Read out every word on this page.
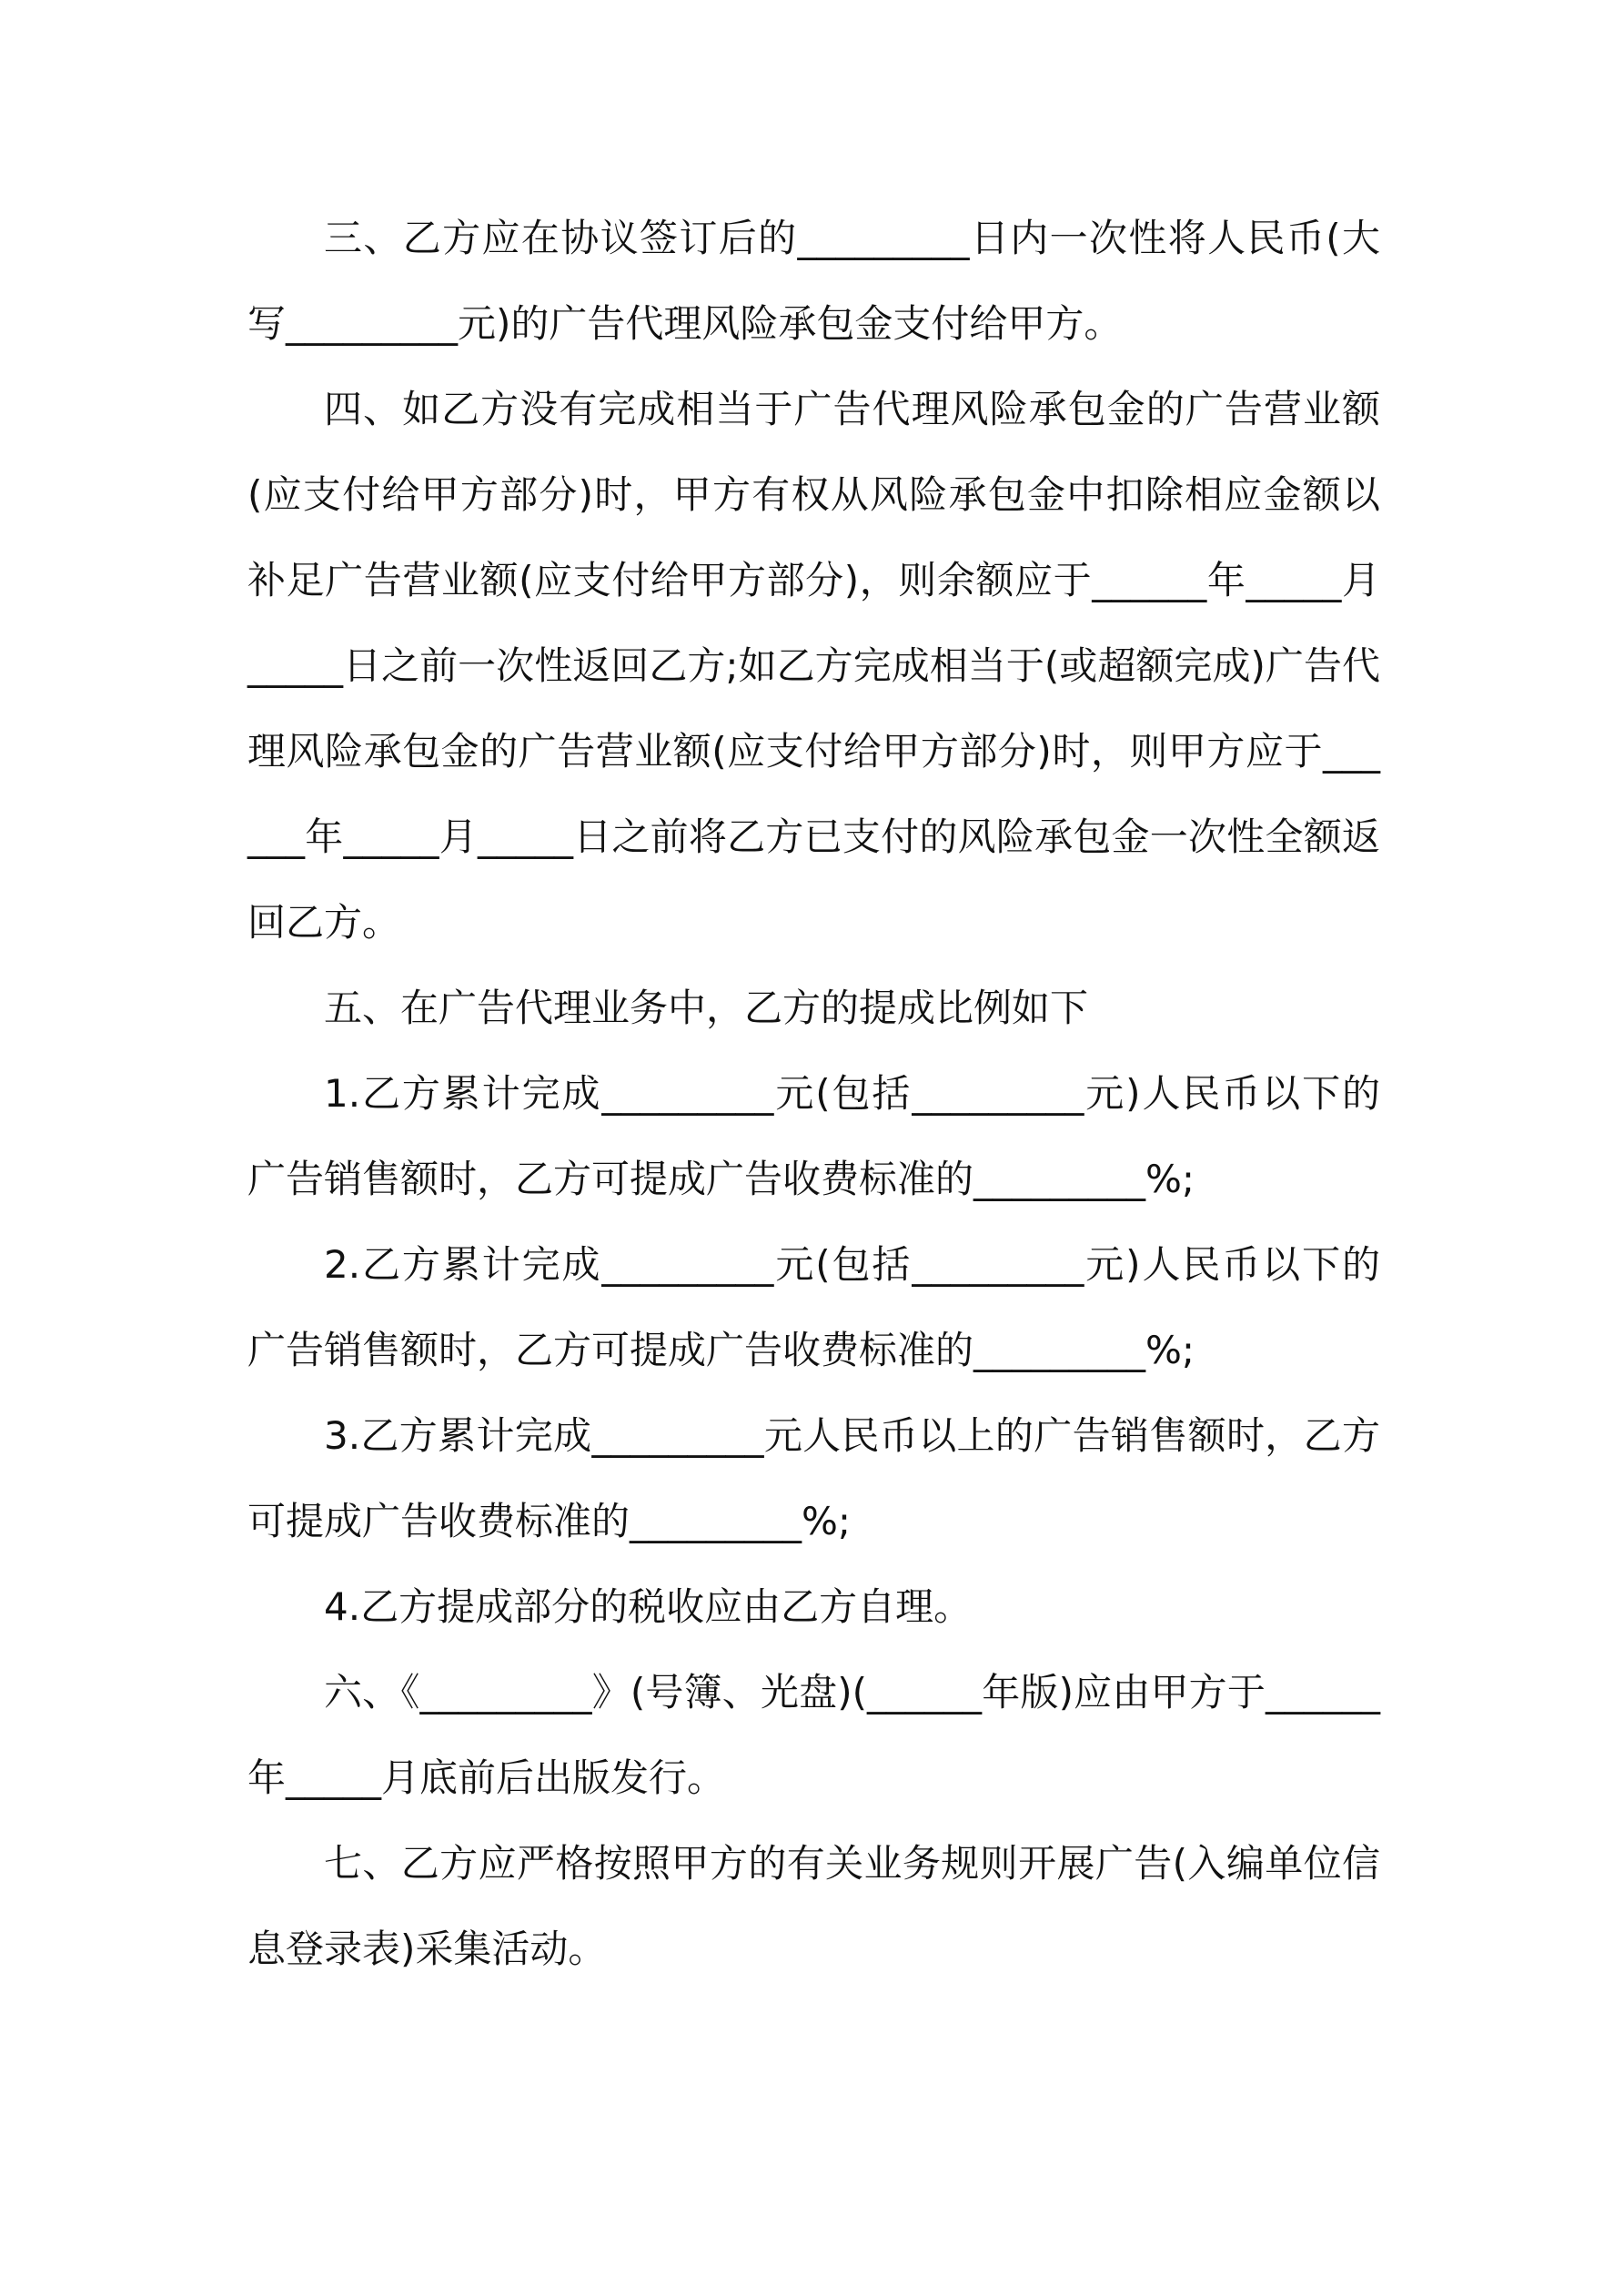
三、乙方应在协议签订后的_________日内一次性将人民币(大写_________元)的广告代理风险承包金支付给甲方。

四、如乙方没有完成相当于广告代理风险承包金的广告营业额(应支付给甲方部分)时，甲方有权从风险承包金中扣除相应金额以补足广告营业额(应支付给甲方部分)，则余额应于______年_____月_____日之前一次性返回乙方;如乙方完成相当于(或超额完成)广告代理风险承包金的广告营业额(应支付给甲方部分)时，则甲方应于______年_____月_____日之前将乙方已支付的风险承包金一次性全额返回乙方。

五、在广告代理业务中，乙方的提成比例如下

1.乙方累计完成_________元(包括_________元)人民币以下的广告销售额时，乙方可提成广告收费标准的_________%;

2.乙方累计完成_________元(包括_________元)人民币以下的广告销售额时，乙方可提成广告收费标准的_________%;

3.乙方累计完成_________元人民币以上的广告销售额时，乙方可提成广告收费标准的_________%;

4.乙方提成部分的税收应由乙方自理。

六、《_________》(号簿、光盘)(______年版)应由甲方于______年_____月底前后出版发行。

七、乙方应严格按照甲方的有关业务规则开展广告(入编单位信息登录表)采集活动。
